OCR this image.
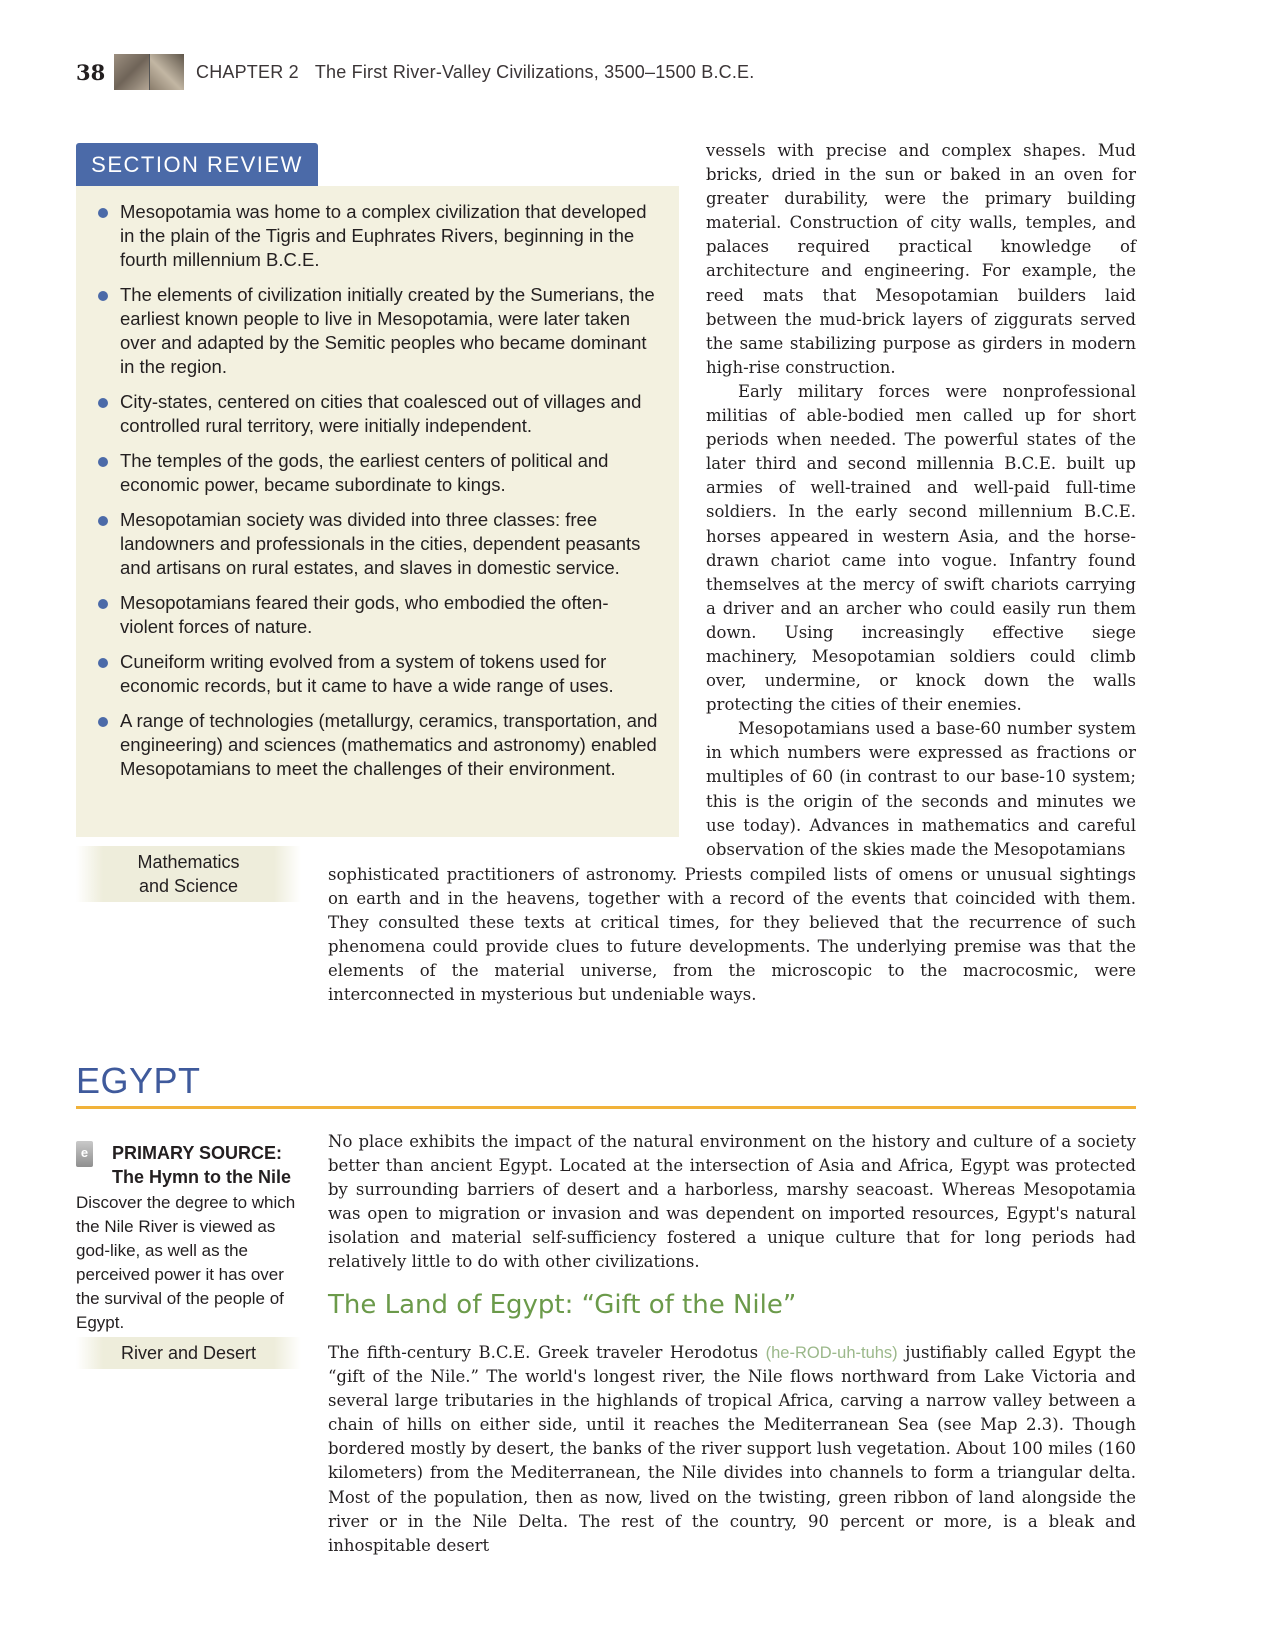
38	CHAPTER 2 The First River-Valley Civilizations, 3500–1500 B.C.E.
SECTION REVIEW
Mesopotamia was home to a complex civilization that developed in the plain of the Tigris and Euphrates Rivers, beginning in the fourth millennium B.C.E.
The elements of civilization initially created by the Sumerians, the earliest known people to live in Mesopotamia, were later taken over and adapted by the Semitic peoples who became dominant in the region.
City-states, centered on cities that coalesced out of villages and controlled rural territory, were initially independent.
The temples of the gods, the earliest centers of political and economic power, became subordinate to kings.
Mesopotamian society was divided into three classes: free landowners and professionals in the cities, dependent peasants and artisans on rural estates, and slaves in domestic service.
Mesopotamians feared their gods, who embodied the often-violent forces of nature.
Cuneiform writing evolved from a system of tokens used for economic records, but it came to have a wide range of uses.
A range of technologies (metallurgy, ceramics, transportation, and engineering) and sciences (mathematics and astronomy) enabled Mesopotamians to meet the challenges of their environment.

vessels with precise and complex shapes. Mud bricks, dried in the sun or baked in an oven for greater durability, were the primary building material. Construction of city walls, temples, and palaces required practical knowledge of architecture and engineering. For example, the reed mats that Mesopotamian builders laid between the mud-brick layers of ziggurats served the same stabilizing purpose as girders in modern high-rise construction.

Early military forces were nonprofessional militias of able-bodied men called up for short periods when needed. The powerful states of the later third and second millennia B.C.E. built up armies of well-trained and well-paid full-time soldiers. In the early second millennium B.C.E. horses appeared in western Asia, and the horse-drawn chariot came into vogue. Infantry found themselves at the mercy of swift chariots carrying a driver and an archer who could easily run them down. Using increasingly effective siege machinery, Mesopotamian soldiers could climb over, undermine, or knock down the walls protecting the cities of their enemies.

Mesopotamians used a base-60 number system in which numbers were expressed as fractions or multiples of 60 (in contrast to our base-10 system; this is the origin of the seconds and minutes we use today). Advances in mathematics and careful observation of the skies made the Mesopotamians

Mathematics and Science
sophisticated practitioners of astronomy. Priests compiled lists of omens or unusual sightings on earth and in the heavens, together with a record of the events that coincided with them. They consulted these texts at critical times, for they believed that the recurrence of such phenomena could provide clues to future developments. The underlying premise was that the elements of the material universe, from the microscopic to the macrocosmic, were interconnected in mysterious but undeniable ways.
EGYPT
e PRIMARY SOURCE:
The Hymn to the Nile
Discover the degree to which the Nile River is viewed as god-like, as well as the perceived power it has over the survival of the people of Egypt.
No place exhibits the impact of the natural environment on the history and culture of a society better than ancient Egypt. Located at the intersection of Asia and Africa, Egypt was protected by surrounding barriers of desert and a harborless, marshy seacoast. Whereas Mesopotamia was open to migration or invasion and was dependent on imported resources, Egypt's natural isolation and material self-sufficiency fostered a unique culture that for long periods had relatively little to do with other civilizations.
The Land of Egypt: “Gift of the Nile”
River and Desert	The fifth-century B.C.E. Greek traveler Herodotus (he-ROD-uh-tuhs) justifiably called Egypt the “gift of the Nile.” The world's longest river, the Nile flows northward from Lake Victoria and several large tributaries in the highlands of tropical Africa, carving a narrow valley between a chain of hills on either side, until it reaches the Mediterranean Sea (see Map 2.3). Though bordered mostly by desert, the banks of the river support lush vegetation. About 100 miles (160 kilometers) from the Mediterranean, the Nile divides into channels to form a triangular delta. Most of the population, then as now, lived on the twisting, green ribbon of land alongside the river or in the Nile Delta. The rest of the country, 90 percent or more, is a bleak and inhospitable desert
